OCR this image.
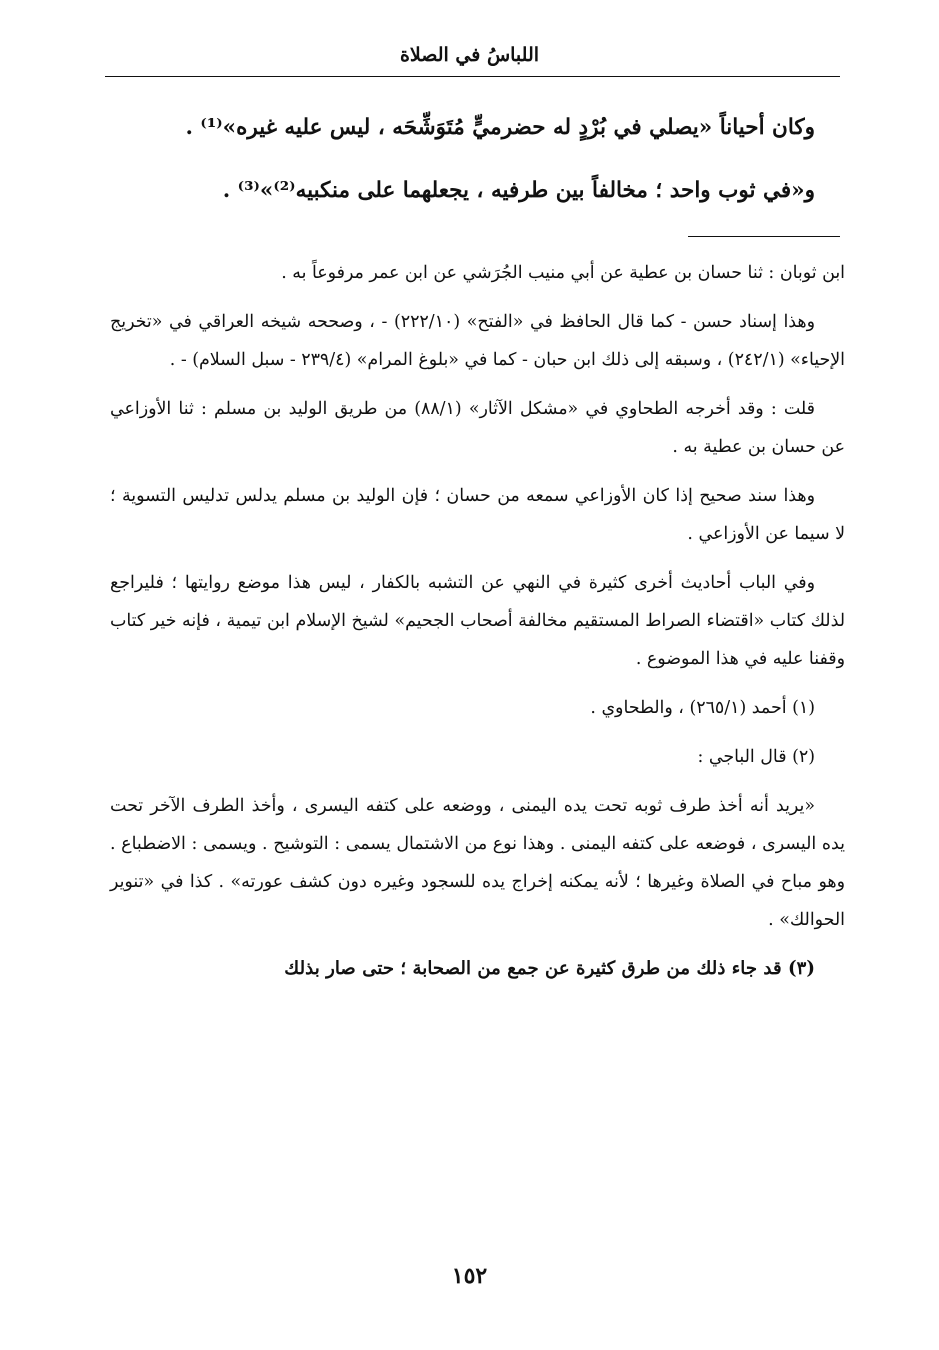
اللباسُ في الصلاة

وكان أحياناً «يصلي في بُرْدٍ له حضرميٍّ مُتَوَشِّحَه ، ليس عليه غيره»⁽¹⁾ .

و«في ثوب واحد ؛ مخالفاً بين طرفيه ، يجعلهما على منكبيه⁽²⁾»⁽³⁾ .

ابن ثوبان : ثنا حسان بن عطية عن أبي منيب الجُرَشي عن ابن عمر مرفوعاً به .

وهذا إسناد حسن - كما قال الحافظ في «الفتح» (٢٢٢/١٠) - ، وصححه شيخه العراقي في «تخريج الإحياء» (٢٤٢/١) ، وسبقه إلى ذلك ابن حبان - كما في «بلوغ المرام» (٢٣٩/٤ - سبل السلام) - .

قلت : وقد أخرجه الطحاوي في «مشكل الآثار» (٨٨/١) من طريق الوليد بن مسلم : ثنا الأوزاعي عن حسان بن عطية به .

وهذا سند صحيح إذا كان الأوزاعي سمعه من حسان ؛ فإن الوليد بن مسلم يدلس تدليس التسوية ؛ لا سيما عن الأوزاعي .

وفي الباب أحاديث أخرى كثيرة في النهي عن التشبه بالكفار ، ليس هذا موضع روايتها ؛ فليراجع لذلك كتاب «اقتضاء الصراط المستقيم مخالفة أصحاب الجحيم» لشيخ الإسلام ابن تيمية ، فإنه خير كتاب وقفنا عليه في هذا الموضوع .

(١) أحمد (٢٦٥/١) ، والطحاوي .

(٢) قال الباجي :

«يريد أنه أخذ طرف ثوبه تحت يده اليمنى ، ووضعه على كتفه اليسرى ، وأخذ الطرف الآخر تحت يده اليسرى ، فوضعه على كتفه اليمنى . وهذا نوع من الاشتمال يسمى : التوشيح . ويسمى : الاضطباع . وهو مباح في الصلاة وغيرها ؛ لأنه يمكنه إخراج يده للسجود وغيره دون كشف عورته» . كذا في «تنوير الحوالك» .

(٣) قد جاء ذلك من طرق كثيرة عن جمع من الصحابة ؛ حتى صار بذلك

١٥٢
